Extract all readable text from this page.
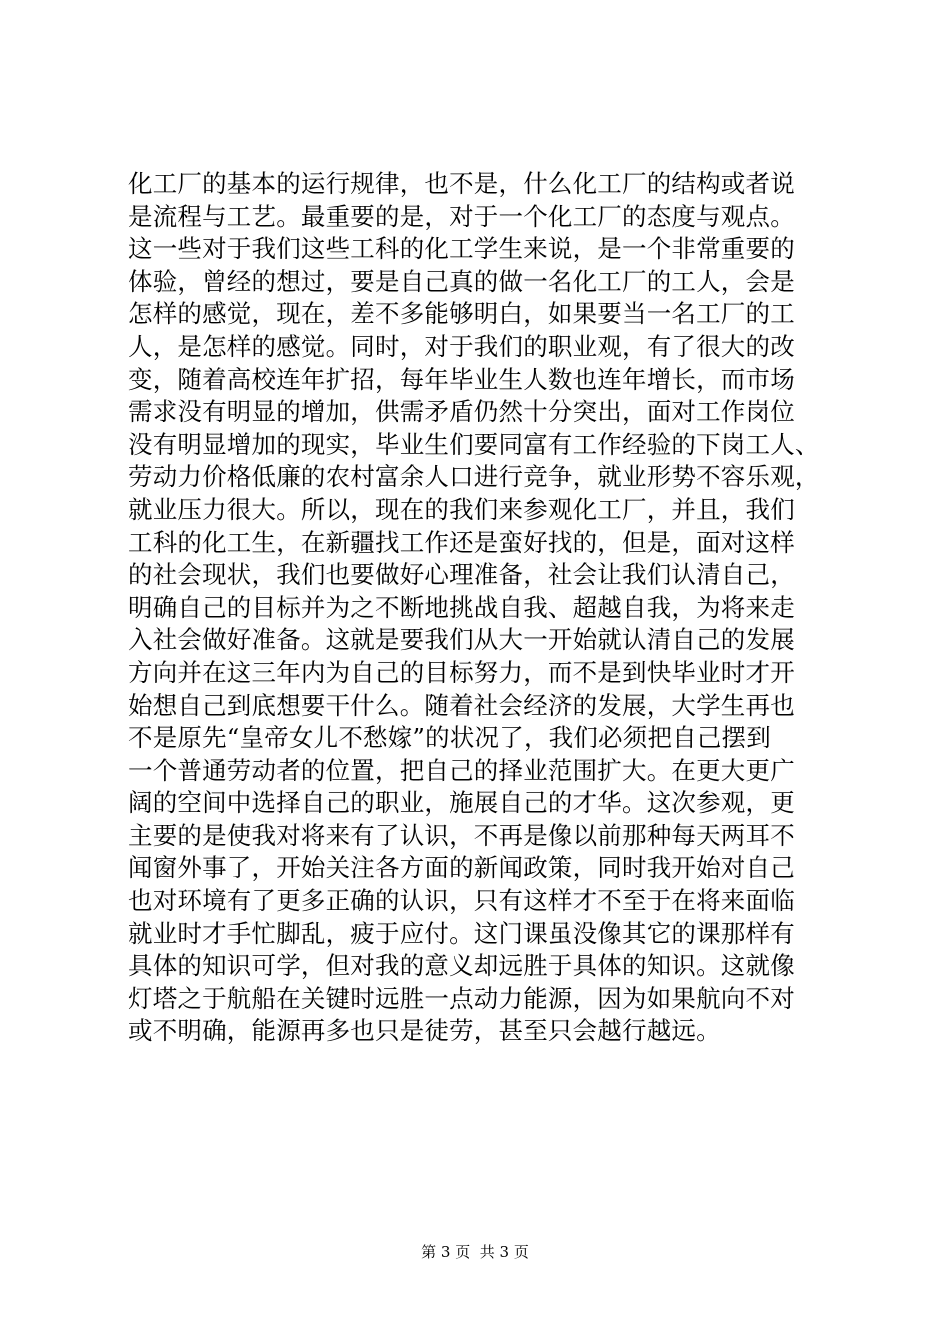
化工厂的基本的运行规律，也不是，什么化工厂的结构或者说
是流程与工艺。最重要的是，对于一个化工厂的态度与观点。
这一些对于我们这些工科的化工学生来说，是一个非常重要的
体验，曾经的想过，要是自己真的做一名化工厂的工人，会是
怎样的感觉，现在，差不多能够明白，如果要当一名工厂的工
人，是怎样的感觉。同时，对于我们的职业观，有了很大的改
变，随着高校连年扩招，每年毕业生人数也连年增长，而市场
需求没有明显的增加，供需矛盾仍然十分突出，面对工作岗位
没有明显增加的现实，毕业生们要同富有工作经验的下岗工人、
劳动力价格低廉的农村富余人口进行竞争，就业形势不容乐观，
就业压力很大。所以，现在的我们来参观化工厂，并且，我们
工科的化工生，在新疆找工作还是蛮好找的，但是，面对这样
的社会现状，我们也要做好心理准备，社会让我们认清自己，
明确自己的目标并为之不断地挑战自我、超越自我，为将来走
入社会做好准备。这就是要我们从大一开始就认清自己的发展
方向并在这三年内为自己的目标努力，而不是到快毕业时才开
始想自己到底想要干什么。随着社会经济的发展，大学生再也
不是原先“皇帝女儿不愁嫁”的状况了，我们必须把自己摆到
一个普通劳动者的位置，把自己的择业范围扩大。在更大更广
阔的空间中选择自己的职业，施展自己的才华。这次参观，更
主要的是使我对将来有了认识，不再是像以前那种每天两耳不
闻窗外事了，开始关注各方面的新闻政策，同时我开始对自己
也对环境有了更多正确的认识，只有这样才不至于在将来面临
就业时才手忙脚乱，疲于应付。这门课虽没像其它的课那样有
具体的知识可学，但对我的意义却远胜于具体的知识。这就像
灯塔之于航船在关键时远胜一点动力能源，因为如果航向不对
或不明确，能源再多也只是徒劳，甚至只会越行越远。
第 3 页 共 3 页
